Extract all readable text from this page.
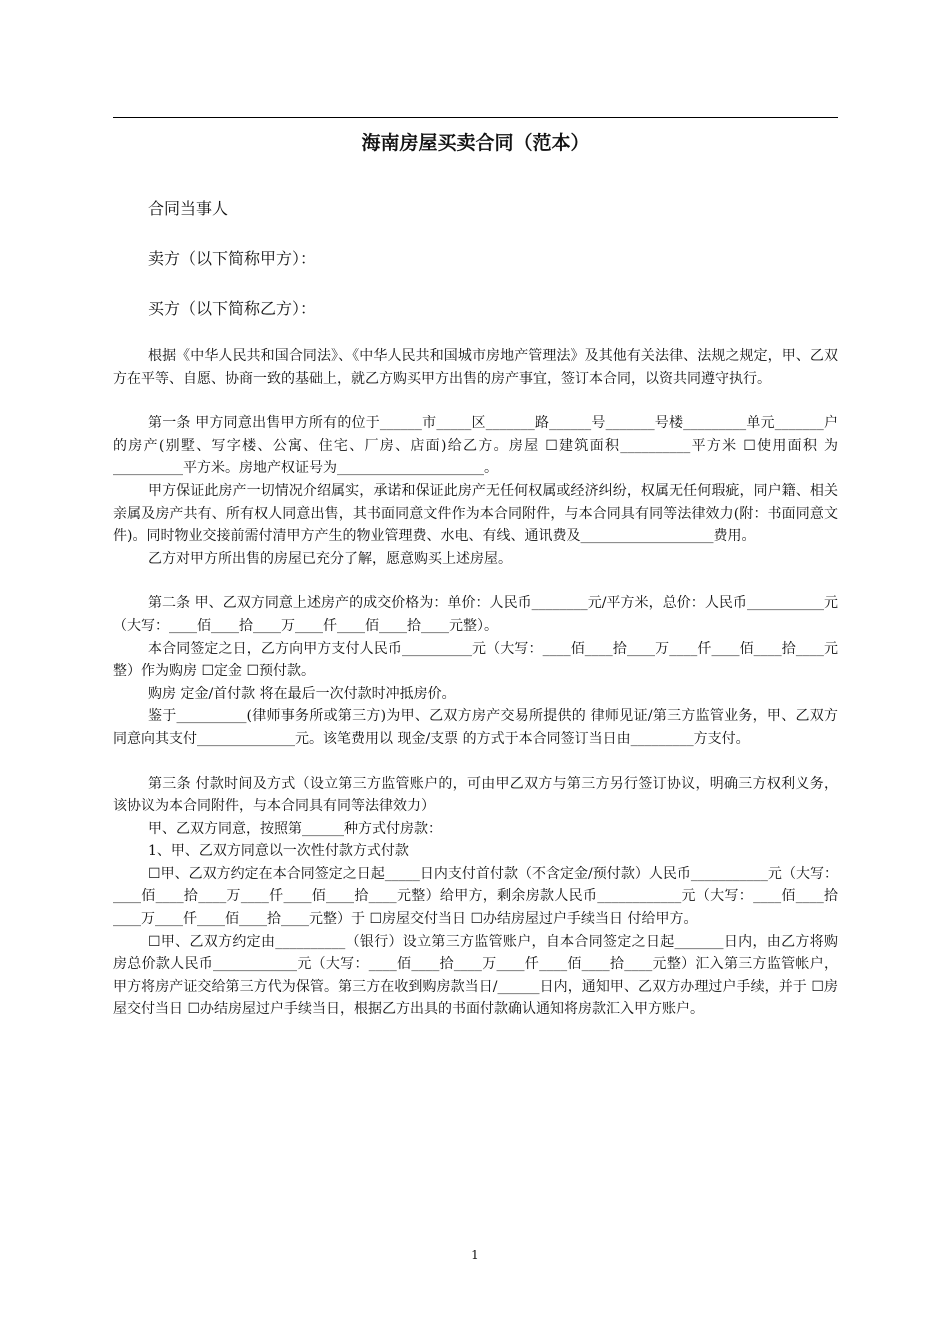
海南房屋买卖合同（范本）
合同当事人
卖方（以下简称甲方）：
买方（以下简称乙方）：

根据《中华人民共和国合同法》、《中华人民共和国城市房地产管理法》及其他有关法律、法规之规定，甲、乙双方在平等、自愿、协商一致的基础上，就乙方购买甲方出售的房产事宜，签订本合同，以资共同遵守执行。

第一条 甲方同意出售甲方所有的位于______市_____区_______路______号_______号楼_________单元_______户的房产(别墅、写字楼、公寓、住宅、厂房、店面)给乙方。房屋 ☐建筑面积__________平方米 ☐使用面积 为__________平方米。房地产权证号为_____________________。

甲方保证此房产一切情况介绍属实，承诺和保证此房产无任何权属或经济纠纷，权属无任何瑕疵，同户籍、相关亲属及房产共有、所有权人同意出售，其书面同意文件作为本合同附件，与本合同具有同等法律效力(附：书面同意文件)。同时物业交接前需付清甲方产生的物业管理费、水电、有线、通讯费及___________________费用。

乙方对甲方所出售的房屋已充分了解，愿意购买上述房屋。

第二条 甲、乙双方同意上述房产的成交价格为：单价：人民币________元/平方米，总价：人民币___________元（大写：____佰____拾____万____仟____佰____拾____元整）。

本合同签定之日，乙方向甲方支付人民币__________元（大写：____佰____拾____万____仟____佰____拾____元整）作为购房 ☐定金 ☐预付款。

购房 定金/首付款 将在最后一次付款时冲抵房价。

鉴于__________(律师事务所或第三方)为甲、乙双方房产交易所提供的 律师见证/第三方监管业务，甲、乙双方同意向其支付______________元。该笔费用以 现金/支票 的方式于本合同签订当日由_________方支付。

第三条 付款时间及方式（设立第三方监管账户的，可由甲乙双方与第三方另行签订协议，明确三方权利义务，该协议为本合同附件，与本合同具有同等法律效力）

甲、乙双方同意，按照第______种方式付房款：

1、甲、乙双方同意以一次性付款方式付款

☐甲、乙双方约定在本合同签定之日起_____日内支付首付款（不含定金/预付款）人民币___________元（大写：____佰____拾____万____仟____佰____拾____元整）给甲方，剩余房款人民币____________元（大写：____佰____拾____万____仟____佰____拾____元整）于 ☐房屋交付当日 ☐办结房屋过户手续当日 付给甲方。

☐甲、乙双方约定由__________（银行）设立第三方监管账户，自本合同签定之日起_______日内，由乙方将购房总价款人民币____________元（大写：____佰____拾____万____仟____佰____拾____元整）汇入第三方监管帐户，甲方将房产证交给第三方代为保管。第三方在收到购房款当日/______日内，通知甲、乙双方办理过户手续，并于 ☐房屋交付当日 ☐办结房屋过户手续当日，根据乙方出具的书面付款确认通知将房款汇入甲方账户。

1
